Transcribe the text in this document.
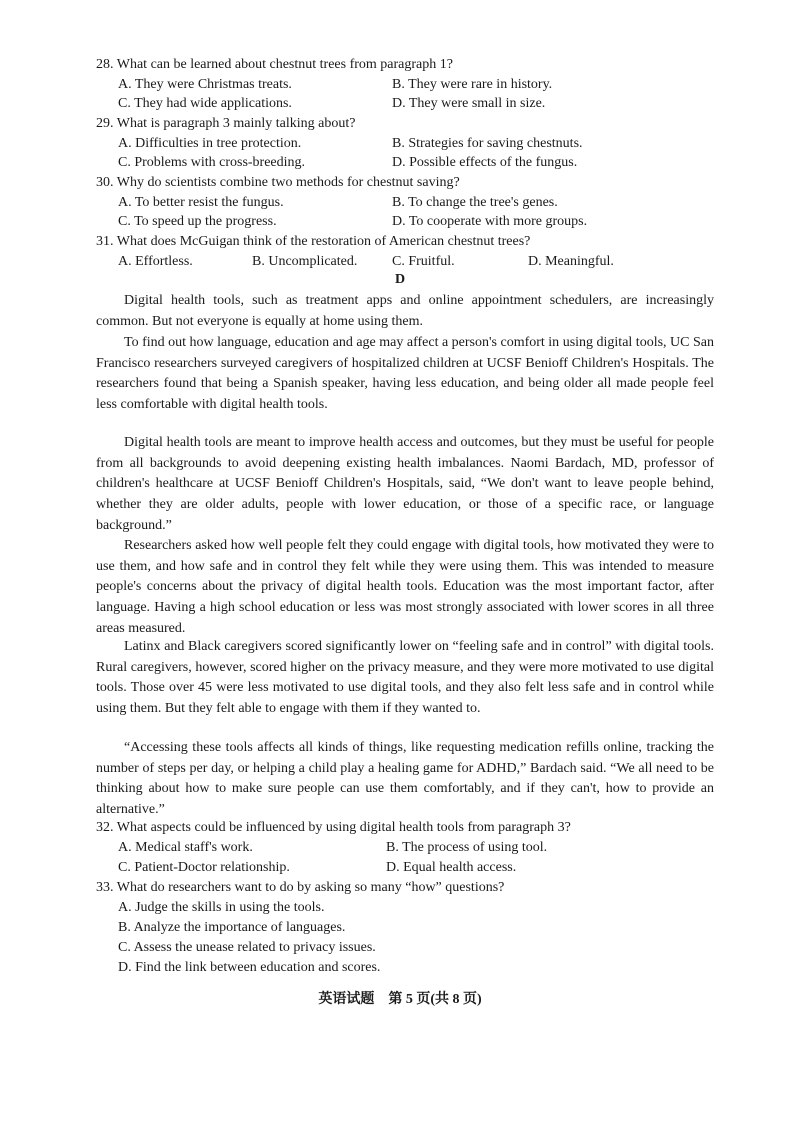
28. What can be learned about chestnut trees from paragraph 1?
A. They were Christmas treats.	B. They were rare in history.
C. They had wide applications.	D. They were small in size.
29. What is paragraph 3 mainly talking about?
A. Difficulties in tree protection.	B. Strategies for saving chestnuts.
C. Problems with cross-breeding.	D. Possible effects of the fungus.
30. Why do scientists combine two methods for chestnut saving?
A. To better resist the fungus.	B. To change the tree's genes.
C. To speed up the progress.	D. To cooperate with more groups.
31. What does McGuigan think of the restoration of American chestnut trees?
A. Effortless.	B. Uncomplicated. C. Fruitful.	D. Meaningful.
D

Digital health tools, such as treatment apps and online appointment schedulers, are increasingly common. But not everyone is equally at home using them.

To find out how language, education and age may affect a person's comfort in using digital tools, UC San Francisco researchers surveyed caregivers of hospitalized children at UCSF Benioff Children's Hospitals. The researchers found that being a Spanish speaker, having less education, and being older all made people feel less comfortable with digital health tools.

Digital health tools are meant to improve health access and outcomes, but they must be useful for people from all backgrounds to avoid deepening existing health imbalances. Naomi Bardach, MD, professor of children's healthcare at UCSF Benioff Children's Hospitals, said, “We don't want to leave people behind, whether they are older adults, people with lower education, or those of a specific race, or language background.”

Researchers asked how well people felt they could engage with digital tools, how motivated they were to use them, and how safe and in control they felt while they were using them. This was intended to measure people's concerns about the privacy of digital health tools. Education was the most important factor, after language. Having a high school education or less was most strongly associated with lower scores in all three areas measured.

Latinx and Black caregivers scored significantly lower on “feeling safe and in control” with digital tools. Rural caregivers, however, scored higher on the privacy measure, and they were more motivated to use digital tools. Those over 45 were less motivated to use digital tools, and they also felt less safe and in control while using them. But they felt able to engage with them if they wanted to.

“Accessing these tools affects all kinds of things, like requesting medication refills online, tracking the number of steps per day, or helping a child play a healing game for ADHD,” Bardach said. “We all need to be thinking about how to make sure people can use them comfortably, and if they can't, how to provide an alternative.”

32. What aspects could be influenced by using digital health tools from paragraph 3?
A. Medical staff's work.	B. The process of using tool.
C. Patient-Doctor relationship.	D. Equal health access.
33. What do researchers want to do by asking so many “how” questions?
A. Judge the skills in using the tools.
B. Analyze the importance of languages.
C. Assess the unease related to privacy issues.
D. Find the link between education and scores.
英语试题　第 5 页(共 8 页)
